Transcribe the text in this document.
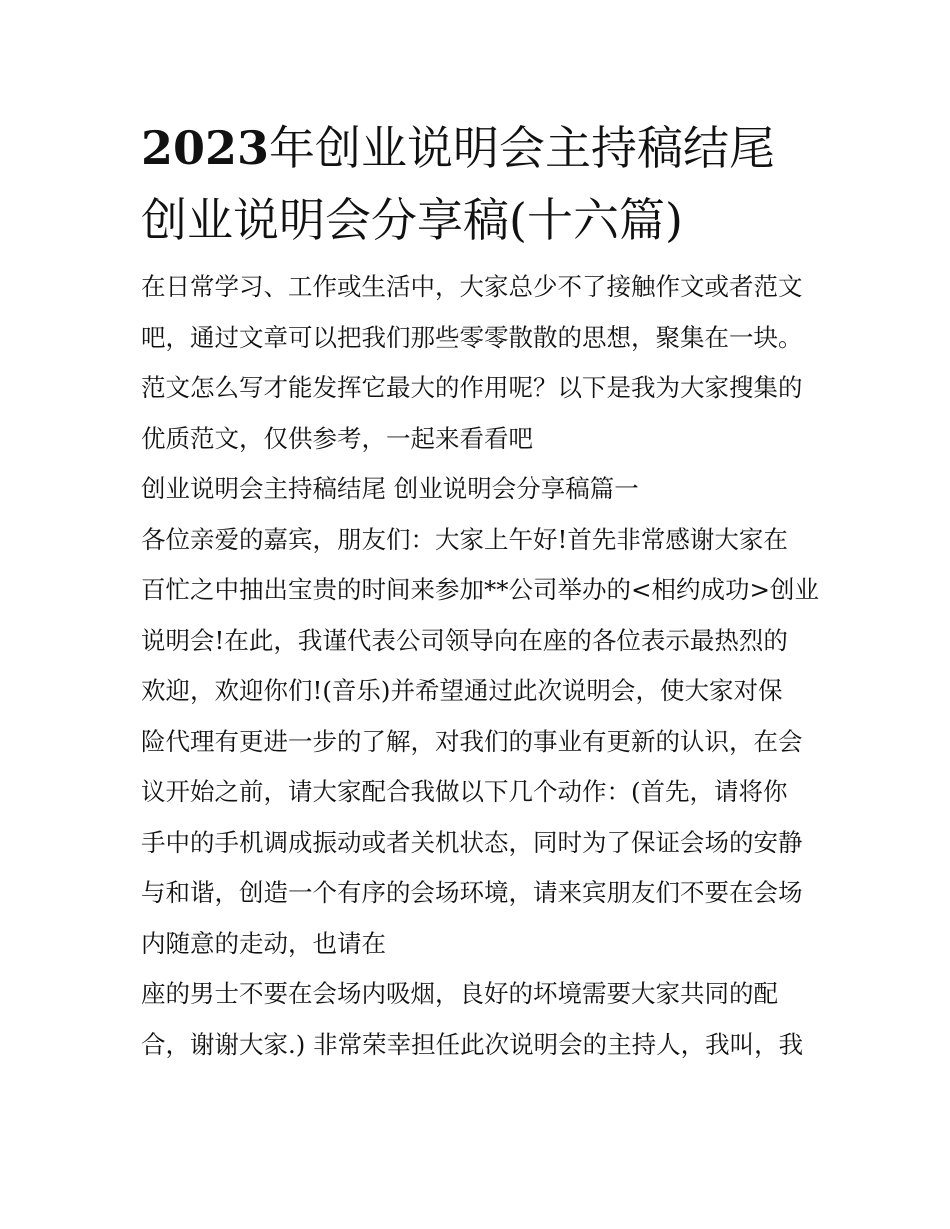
2023年创业说明会主持稿结尾
创业说明会分享稿(十六篇)

在日常学习、工作或生活中，大家总少不了接触作文或者范文

吧，通过文章可以把我们那些零零散散的思想，聚集在一块。

范文怎么写才能发挥它最大的作用呢？以下是我为大家搜集的

优质范文，仅供参考，一起来看看吧

创业说明会主持稿结尾 创业说明会分享稿篇一

各位亲爱的嘉宾，朋友们：大家上午好!首先非常感谢大家在

百忙之中抽出宝贵的时间来参加**公司举办的<相约成功>创业

说明会!在此，我谨代表公司领导向在座的各位表示最热烈的

欢迎，欢迎你们!(音乐)并希望通过此次说明会，使大家对保

险代理有更进一步的了解，对我们的事业有更新的认识，在会

议开始之前，请大家配合我做以下几个动作：(首先，请将你

手中的手机调成振动或者关机状态，同时为了保证会场的安静

与和谐，创造一个有序的会场环境，请来宾朋友们不要在会场

内随意的走动，也请在

座的男士不要在会场内吸烟，良好的坏境需要大家共同的配

合，谢谢大家.) 非常荣幸担任此次说明会的主持人，我叫，我
